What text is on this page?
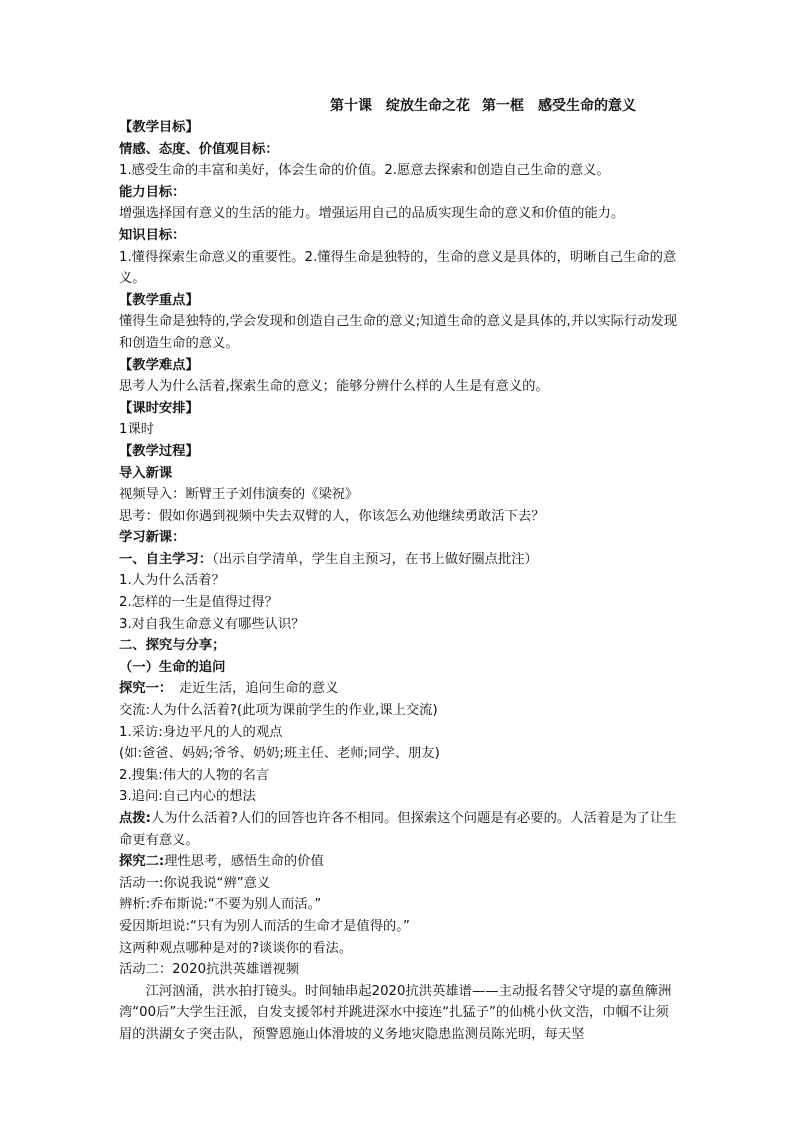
第十课　绽放生命之花 第一框　感受生命的意义

【教学目标】

情感、态度、价值观目标：

1.感受生命的丰富和美好，体会生命的价值。2.愿意去探索和创造自己生命的意义。

能力目标：

增强选择国有意义的生活的能力。增强运用自己的品质实现生命的意义和价值的能力。

知识目标：

1.懂得探索生命意义的重要性。2.懂得生命是独特的，生命的意义是具体的，明晰自己生命的意义。

【教学重点】

懂得生命是独特的,学会发现和创造自己生命的意义;知道生命的意义是具体的,并以实际行动发现和创造生命的意义。

【教学难点】

思考人为什么活着,探索生命的意义；能够分辨什么样的人生是有意义的。

【课时安排】

1课时

【教学过程】

导入新课

视频导入：断臂王子刘伟演奏的《梁祝》

思考：假如你遇到视频中失去双臂的人，你该怎么劝他继续勇敢活下去？

学习新课：

一、自主学习：（出示自学清单，学生自主预习，在书上做好圈点批注）

1.人为什么活着？

2.怎样的一生是值得过得？

3.对自我生命意义有哪些认识？

二、探究与分享；

（一）生命的追问

探究一：　走近生活，追问生命的意义

交流:人为什么活着?(此项为课前学生的作业,课上交流)

1.采访:身边平凡的人的观点

(如:爸爸、妈妈;爷爷、奶奶;班主任、老师;同学、朋友)

2.搜集:伟大的人物的名言

3.追问:自己内心的想法

点拨:人为什么活着?人们的回答也许各不相同。但探索这个问题是有必要的。人活着是为了让生命更有意义。

探究二:理性思考，感悟生命的价值

活动一:你说我说“辨”意义

辨析:乔布斯说:“不要为别人而活。”

爱因斯坦说:“只有为别人而活的生命才是值得的。”

这两种观点哪种是对的?谈谈你的看法。

活动二：2020抗洪英雄谱视频

江河汹涌，洪水拍打镜头。时间轴串起2020抗洪英雄谱——主动报名替父守堤的嘉鱼簰洲湾“00后”大学生汪派，自发支援邻村并跳进深水中接连“扎猛子”的仙桃小伙文浩，巾帼不让须眉的洪湖女子突击队，预警恩施山体滑坡的义务地灾隐患监测员陈光明，每天坚
